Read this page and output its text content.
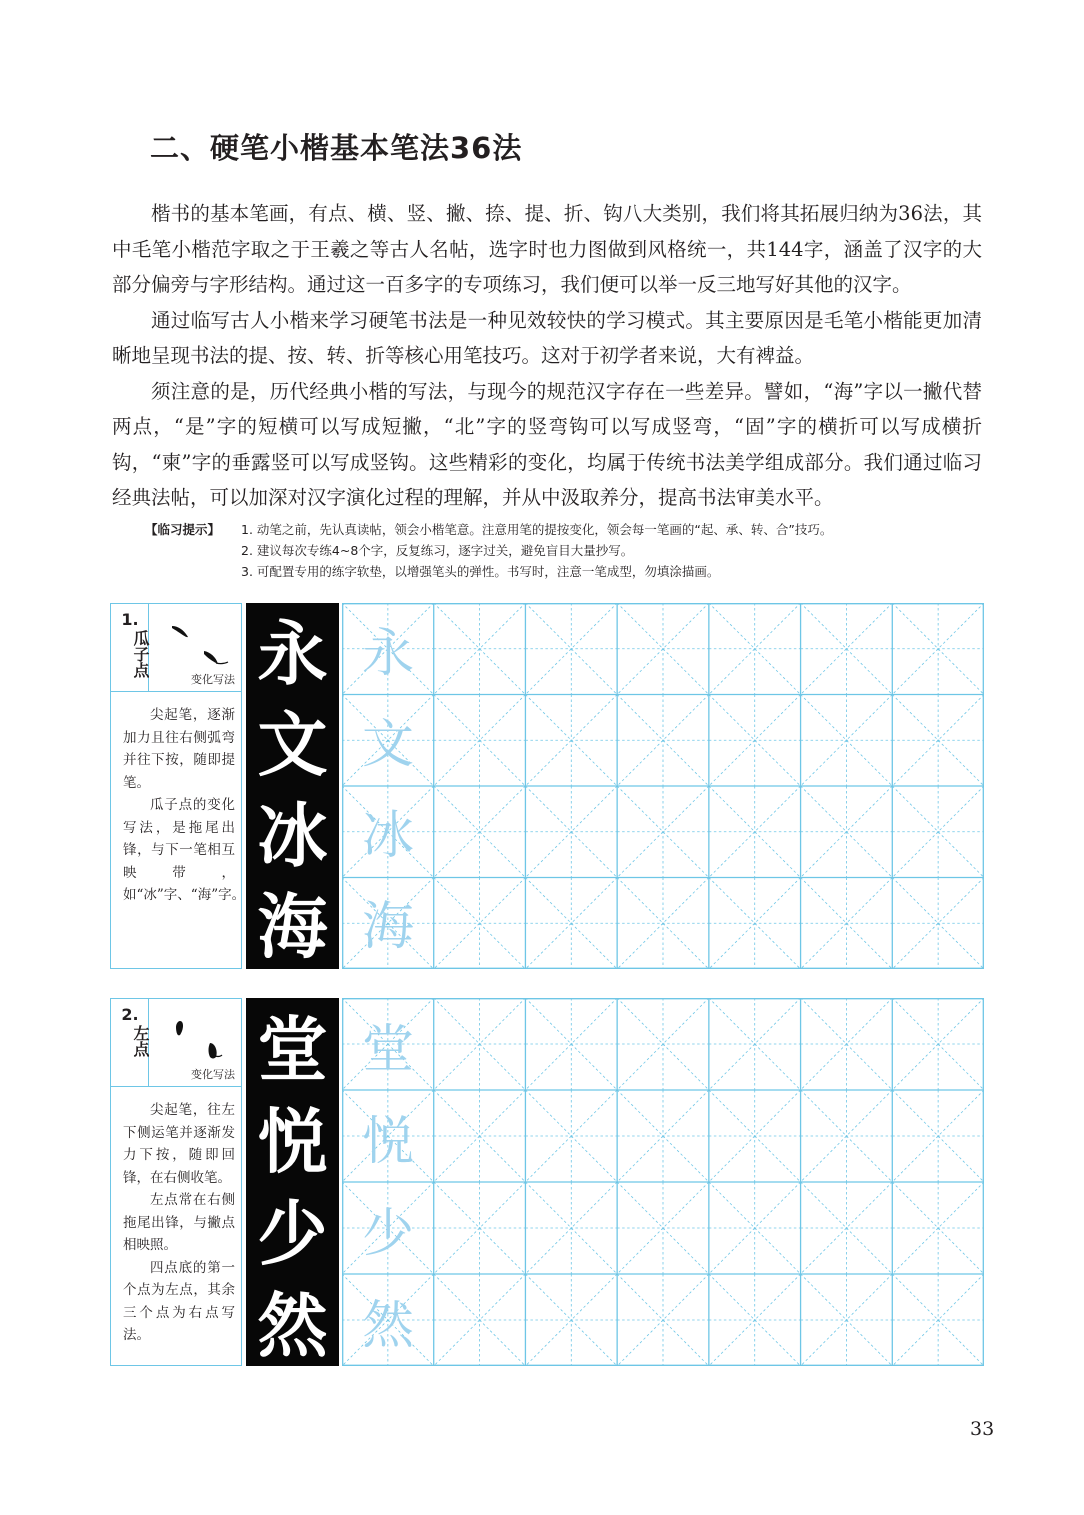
二、硬笔小楷基本笔法36法

楷书的基本笔画，有点、横、竖、撇、捺、提、折、钩八大类别，我们将其拓展归纳为36法，其中毛笔小楷范字取之于王羲之等古人名帖，选字时也力图做到风格统一，共144字，涵盖了汉字的大部分偏旁与字形结构。通过这一百多字的专项练习，我们便可以举一反三地写好其他的汉字。

通过临写古人小楷来学习硬笔书法是一种见效较快的学习模式。其主要原因是毛笔小楷能更加清晰地呈现书法的提、按、转、折等核心用笔技巧。这对于初学者来说，大有裨益。

须注意的是，历代经典小楷的写法，与现今的规范汉字存在一些差异。譬如，“海”字以一撇代替两点，“是”字的短横可以写成短撇，“北”字的竖弯钩可以写成竖弯，“固”字的横折可以写成横折钩，“柬”字的垂露竖可以写成竖钩。这些精彩的变化，均属于传统书法美学组成部分。我们通过临习经典法帖，可以加深对汉字演化过程的理解，并从中汲取养分，提高书法审美水平。

【临习提示】 1. 动笔之前，先认真读帖，领会小楷笔意。注意用笔的提按变化，领会每一笔画的“起、承、转、合”技巧。
2. 建议每次专练4~8个字，反复练习，逐字过关，避免盲目大量抄写。
3. 可配置专用的练字软垫，以增强笔头的弹性。书写时，注意一笔成型，勿填涂描画。
1.
瓜子点
变化写法

尖起笔，逐渐加力且往右侧弧弯并往下按，随即提笔。

瓜子点的变化写法，是拖尾出锋，与下一笔相互映带，如“冰”字、“海”字。

永
文
冰
海
永
文
冰
海
2.
左点
变化写法

尖起笔，往左下侧运笔并逐渐发力下按，随即回锋，在右侧收笔。

左点常在右侧拖尾出锋，与撇点相映照。

四点底的第一个点为左点，其余三个点为右点写法。

堂
悦
少
然
堂
悦
少
然
33
